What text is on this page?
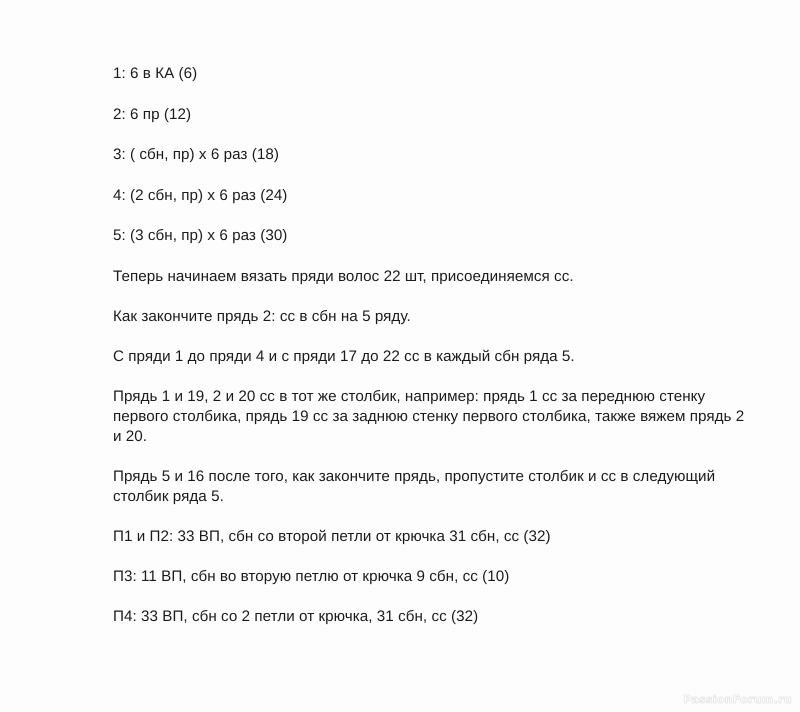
1: 6 в КА (6)

2: 6 пр (12)

3: ( сбн, пр) х 6 раз (18)

4: (2 сбн, пр) х 6 раз (24)

5: (3 сбн, пр) х 6 раз (30)

Теперь начинаем вязать пряди волос 22 шт, присоединяемся сс.

Как закончите прядь 2: сс в сбн на 5 ряду.

С пряди 1 до пряди 4 и с пряди 17 до 22 сс в каждый сбн ряда 5.

Прядь 1 и 19, 2 и 20 сс в тот же столбик, например: прядь 1 сс за переднюю стенку первого столбика, прядь 19 сс за заднюю стенку первого столбика, также вяжем прядь 2 и 20.

Прядь 5 и 16 после того, как закончите прядь, пропустите столбик и сс в следующий столбик ряда 5.

П1 и П2: 33 ВП, сбн со второй петли от крючка 31 сбн, сс (32)

П3: 11 ВП, сбн во вторую петлю от крючка 9 сбн, сс (10)

П4: 33 ВП, сбн со 2 петли от крючка, 31 сбн, сс (32)

PassionForum.ru
